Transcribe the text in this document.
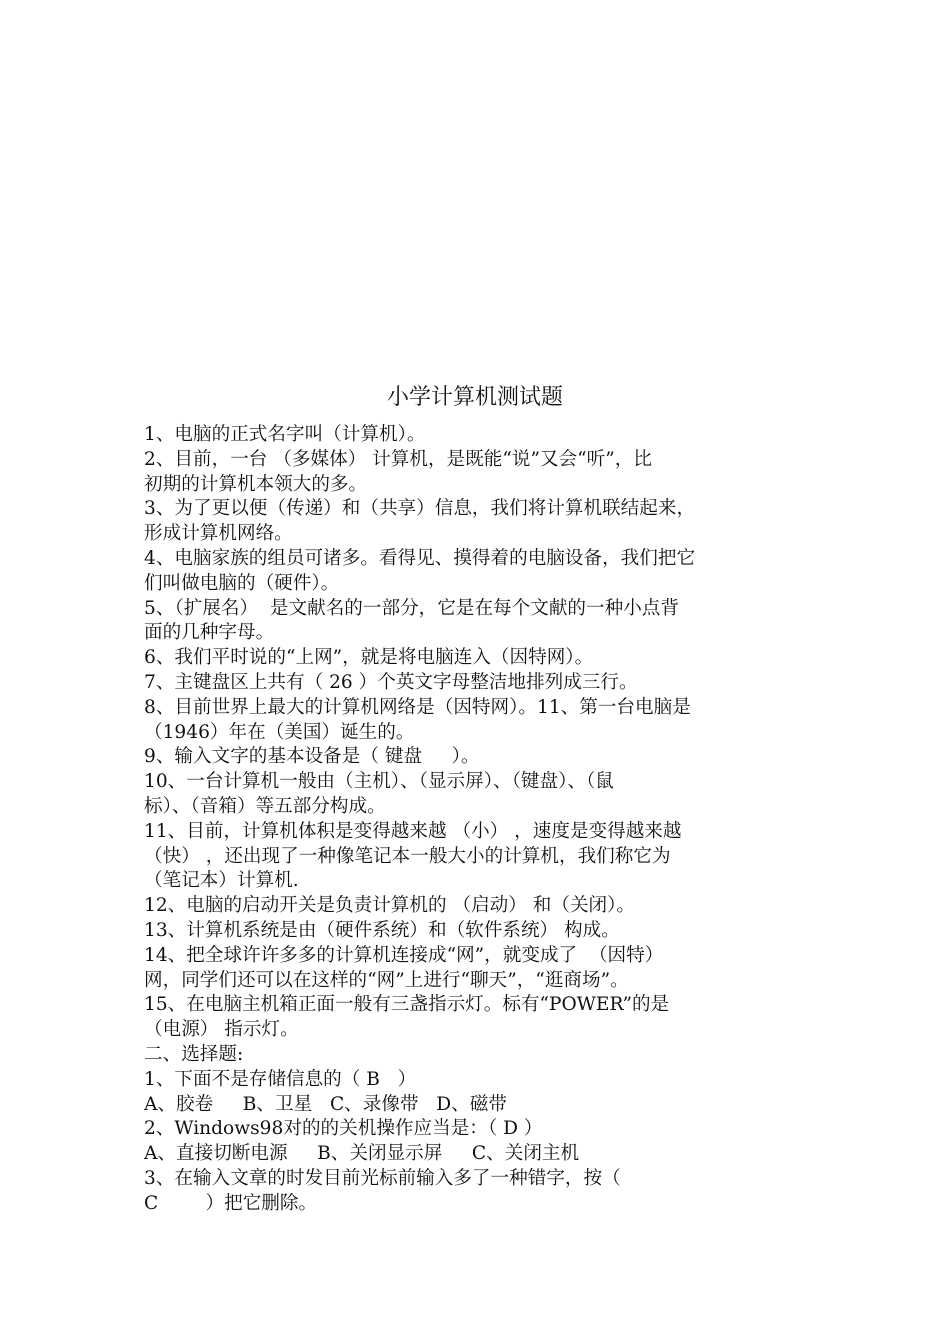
小学计算机测试题
1、电脑的正式名字叫（计算机）。
2、目前，一台 （多媒体） 计算机，是既能“说”又会“听”，比
初期的计算机本领大的多。
3、为了更以便（传递）和（共享）信息，我们将计算机联结起来，
形成计算机网络。
4、电脑家族的组员可诸多。看得见、摸得着的电脑设备，我们把它
们叫做电脑的（硬件）。
5、（扩展名）  是文献名的一部分，它是在每个文献的一种小点背
面的几种字母。
6、我们平时说的“上网”，就是将电脑连入（因特网）。
7、主键盘区上共有（ 26 ）个英文字母整洁地排列成三行。
8、目前世界上最大的计算机网络是（因特网）。11、第一台电脑是
（1946）年在（美国）诞生的。
9、输入文字的基本设备是（ 键盘     ）。
10、一台计算机一般由（主机）、（显示屏）、（键盘）、（鼠
标）、（音箱）等五部分构成。
11、目前，计算机体积是变得越来越 （小） ，速度是变得越来越
（快） ，还出现了一种像笔记本一般大小的计算机，我们称它为
（笔记本）计算机.
12、电脑的启动开关是负责计算机的 （启动） 和（关闭）。
13、计算机系统是由（硬件系统）和（软件系统） 构成。
14、把全球许许多多的计算机连接成“网”，就变成了  （因特）
网，同学们还可以在这样的“网”上进行“聊天”，“逛商场”。
15、在电脑主机箱正面一般有三盏指示灯。标有“POWER”的是
（电源） 指示灯。
二、选择题:
1、下面不是存储信息的（ B   ）
A、胶卷     B、卫星   C、录像带   D、磁带
2、Windows98对的的关机操作应当是：（ D ）
A、直接切断电源     B、关闭显示屏     C、关闭主机
3、在输入文章的时发目前光标前输入多了一种错字，按（
C        ）把它删除。
